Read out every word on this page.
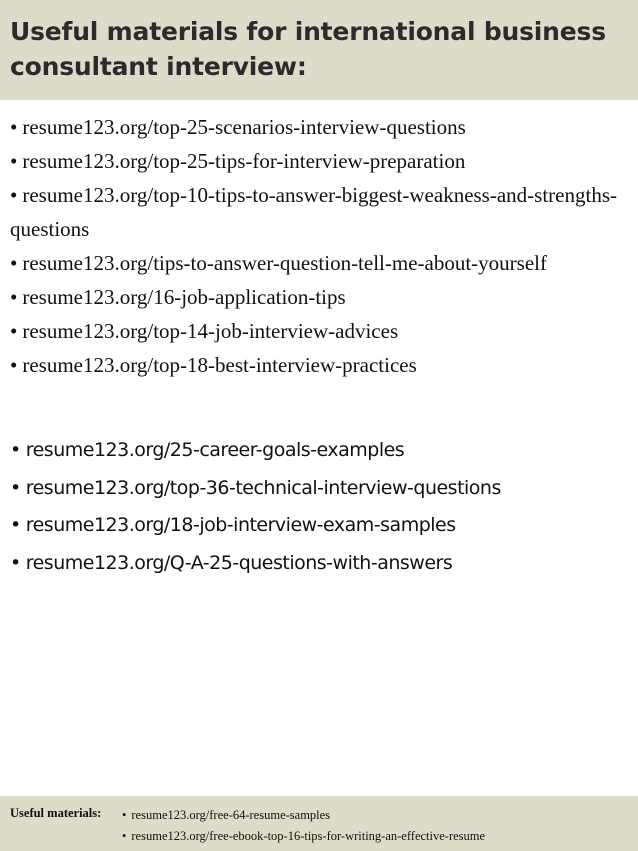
Useful materials for international business consultant interview:
• resume123.org/top-25-scenarios-interview-questions
• resume123.org/top-25-tips-for-interview-preparation
• resume123.org/top-10-tips-to-answer-biggest-weakness-and-strengths-questions
• resume123.org/tips-to-answer-question-tell-me-about-yourself
• resume123.org/16-job-application-tips
• resume123.org/top-14-job-interview-advices
• resume123.org/top-18-best-interview-practices
• resume123.org/25-career-goals-examples
• resume123.org/top-36-technical-interview-questions
• resume123.org/18-job-interview-exam-samples
• resume123.org/Q-A-25-questions-with-answers
Useful materials: • resume123.org/free-64-resume-samples
• resume123.org/free-ebook-top-16-tips-for-writing-an-effective-resume
